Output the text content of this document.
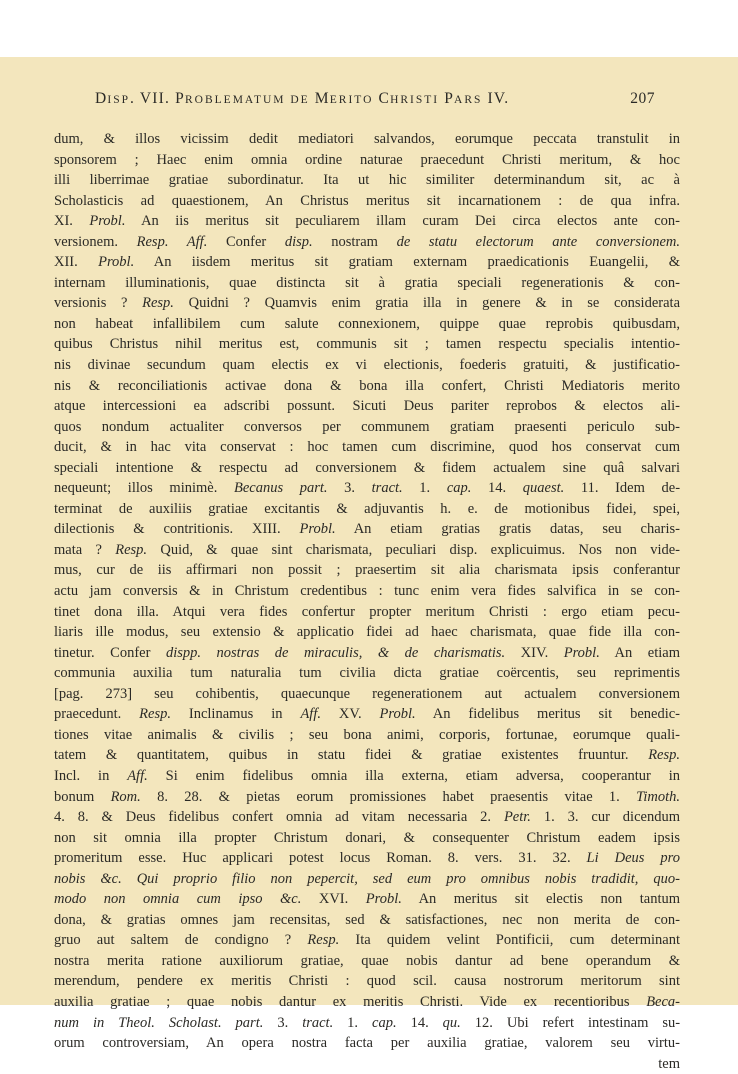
DISP. VII. PROBLEMATUM DE MERITO CHRISTI PARS IV.	207
dum, & illos vicissim dedit mediatori salvandos, eorumque peccata transtulit in
sponsorem ; Haec enim omnia ordine naturae praecedunt Christi meritum, & hoc
illi liberrimae gratiae subordinatur. Ita ut hic similiter determinandum sit, ac à
Scholasticis ad quaestionem, An Christus meritus sit incarnationem : de qua infra.
XI. Probl. An iis meritus sit peculiarem illam curam Dei circa electos ante con-
versionem. Resp. Aff. Confer disp. nostram de statu electorum ante conversionem.
XII. Probl. An iisdem meritus sit gratiam externam praedicationis Euangelii, &
internam illuminationis, quae distincta sit à gratia speciali regenerationis & con-
versionis ? Resp. Quidni ? Quamvis enim gratia illa in genere & in se considerata
non habeat infallibilem cum salute connexionem, quippe quae reprobis quibusdam,
quibus Christus nihil meritus est, communis sit ; tamen respectu specialis intentio-
nis divinae secundum quam electis ex vi electionis, foederis gratuiti, & justificatio-
nis & reconciliationis activae dona & bona illa confert, Christi Mediatoris merito
atque intercessioni ea adscribi possunt. Sicuti Deus pariter reprobos & electos ali-
quos nondum actualiter conversos per communem gratiam praesenti periculo sub-
ducit, & in hac vita conservat : hoc tamen cum discrimine, quod hos conservat cum
speciali intentione & respectu ad conversionem & fidem actualem sine quâ salvari
nequeunt; illos minimè. Becanus part. 3. tract. 1. cap. 14. quaest. 11. Idem de-
terminat de auxiliis gratiae excitantis & adjuvantis h. e. de motionibus fidei, spei,
dilectionis & contritionis. XIII. Probl. An etiam gratias gratis datas, seu charis-
mata ? Resp. Quid, & quae sint charismata, peculiari disp. explicuimus. Nos non vide-
mus, cur de iis affirmari non possit ; praesertim sit alia charismata ipsis conferantur
actu jam conversis & in Christum credentibus : tunc enim vera fides salvifica in se con-
tinet dona illa. Atqui vera fides confertur propter meritum Christi : ergo etiam pecu-
liaris ille modus, seu extensio & applicatio fidei ad haec charismata, quae fide illa con-
tinetur. Confer dispp. nostras de miraculis, & de charismatis. XIV. Probl. An etiam
communia auxilia tum naturalia tum civilia dicta gratiae coërcentis, seu reprimentis
[pag. 273] seu cohibentis, quaecunque regenerationem aut actualem conversionem
praecedunt. Resp. Inclinamus in Aff. XV. Probl. An fidelibus meritus sit benedic-
tiones vitae animalis & civilis ; seu bona animi, corporis, fortunae, eorumque quali-
tatem & quantitatem, quibus in statu fidei & gratiae existentes fruuntur. Resp.
Incl. in Aff. Si enim fidelibus omnia illa externa, etiam adversa, cooperantur in
bonum Rom. 8. 28. & pietas eorum promissiones habet praesentis vitae 1. Timoth.
4. 8. & Deus fidelibus confert omnia ad vitam necessaria 2. Petr. 1. 3. cur dicendum
non sit omnia illa propter Christum donari, & consequenter Christum eadem ipsis
promeritum esse. Huc applicari potest locus Roman. 8. vers. 31. 32. Li Deus pro
nobis &c. Qui proprio filio non pepercit, sed eum pro omnibus nobis tradidit, quo-
modo non omnia cum ipso &c. XVI. Probl. An meritus sit electis non tantum
dona, & gratias omnes jam recensitas, sed & satisfactiones, nec non merita de con-
gruo aut saltem de condigno ? Resp. Ita quidem velint Pontificii, cum determinant
nostra merita ratione auxiliorum gratiae, quae nobis dantur ad bene operandum &
merendum, pendere ex meritis Christi : quod scil. causa nostrorum meritorum sint
auxilia gratiae ; quae nobis dantur ex meritis Christi. Vide ex recentioribus Beca-
num in Theol. Scholast. part. 3. tract. 1. cap. 14. qu. 12. Ubi refert intestinam su-
orum controversiam, An opera nostra facta per auxilia gratiae, valorem seu virtu-
tem
